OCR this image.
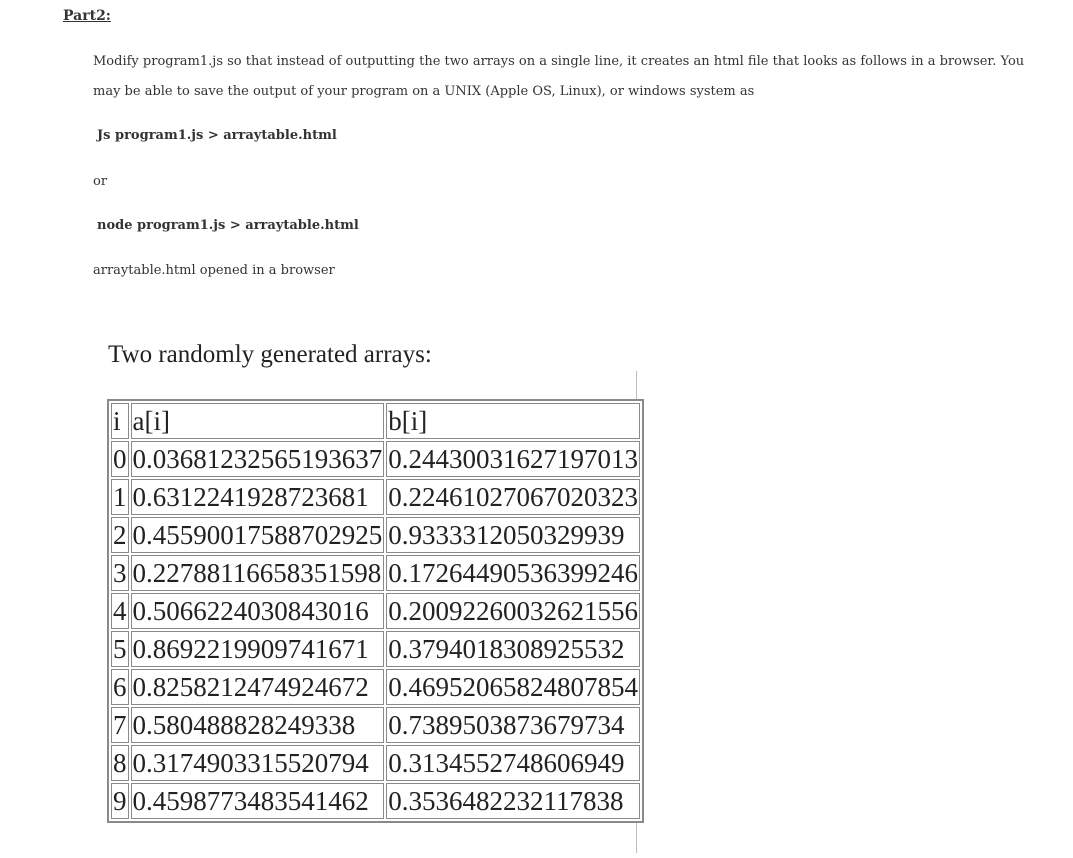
Part2:
Modify program1.js so that instead of outputting the two arrays on a single line, it creates an html file that looks as follows in a browser. You
may be able to save the output of your program on a UNIX (Apple OS, Linux), or windows system as
Js program1.js > arraytable.html
or
node program1.js > arraytable.html
arraytable.html opened in a browser
Two randomly generated arrays:
i	a[i]	b[i]
0	0.03681232565193637	0.24430031627197013
1	0.6312241928723681	0.22461027067020323
2	0.45590017588702925	0.9333312050329939
3	0.22788116658351598	0.17264490536399246
4	0.5066224030843016	0.20092260032621556
5	0.8692219909741671	0.3794018308925532
6	0.8258212474924672	0.46952065824807854
7	0.580488828249338	0.7389503873679734
8	0.3174903315520794	0.3134552748606949
9	0.4598773483541462	0.3536482232117838
